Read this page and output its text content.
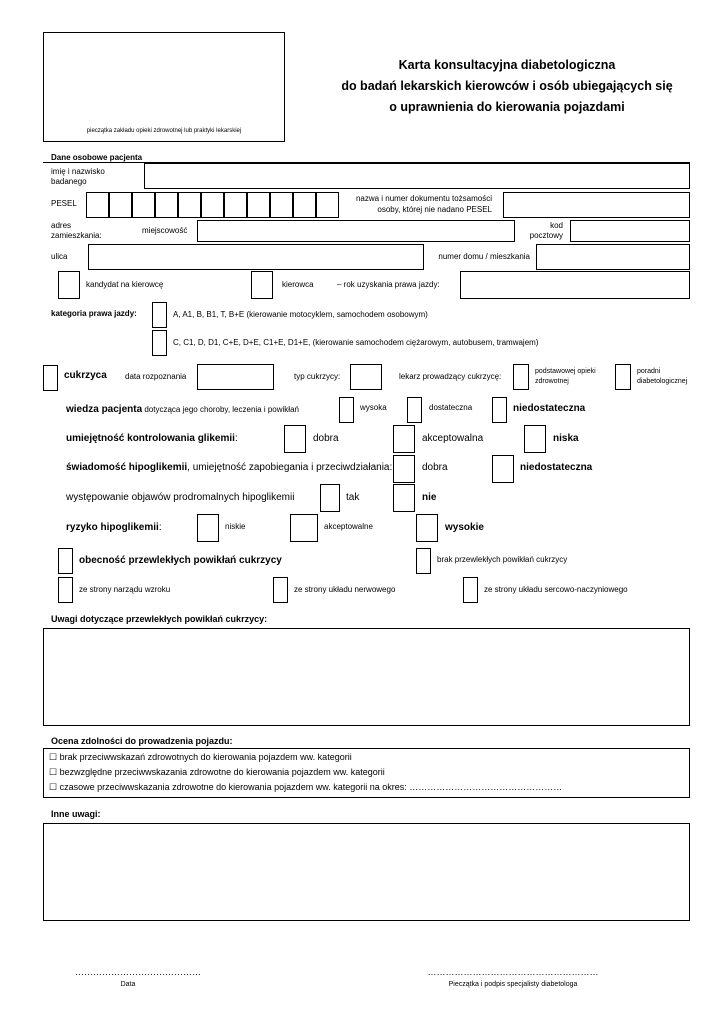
pieczątka zakładu opieki zdrowotnej lub praktyki lekarskiej
Karta konsultacyjna diabetologiczna
do badań lekarskich kierowców i osób ubiegających się
o uprawnienia do kierowania pojazdami
Dane osobowe pacjenta
imię i nazwisko
badanego
PESEL
nazwa i numer dokumentu tożsamości
osoby, której nie nadano PESEL
adres
zamieszkania:
miejscowość
kod
pocztowy
ulica	numer domu / mieszkania
kandydat na kierowcę	kierowca	– rok uzyskania prawa jazdy:
kategoria prawa jazdy:	A, A1, B, B1, T, B+E (kierowanie motocyklem, samochodem osobowym)
C, C1, D, D1, C+E, D+E, C1+E, D1+E, (kierowanie samochodem ciężarowym, autobusem, tramwajem)
cukrzyca data rozpoznania	typ cukrzycy:	lekarz prowadzący cukrzycę:
podstawowej opieki
zdrowotnej
poradni
diabetologicznej
wiedza pacjenta dotycząca jego choroby, leczenia i powikłań	wysoka	dostateczna	niedostateczna
umiejętność kontrolowania glikemii:	dobra	akceptowalna	niska
świadomość hipoglikemii, umiejętność zapobiegania i przeciwdziałania:	dobra	niedostateczna
występowanie objawów prodromalnych hipoglikemii	tak	nie
ryzyko hipoglikemii:	niskie	akceptowalne	wysokie
obecność przewlekłych powikłań cukrzycy	brak przewlekłych powikłań cukrzycy
ze strony narządu wzroku	ze strony układu nerwowego	ze strony układu sercowo-naczyniowego
Uwagi dotyczące przewlekłych powikłań cukrzycy:
Ocena zdolności do prowadzenia pojazdu:
☐ brak przeciwwskazań zdrowotnych do kierowania pojazdem ww. kategorii
☐ bezwzględne przeciwwskazania zdrowotne do kierowania pojazdem ww. kategorii
☐ czasowe przeciwwskazania zdrowotne do kierowania pojazdem ww. kategorii na okres: ……………………………………………
Inne uwagi:
……………………………………
Data
…………………………………………………
Pieczątka i podpis specjalisty diabetologa
